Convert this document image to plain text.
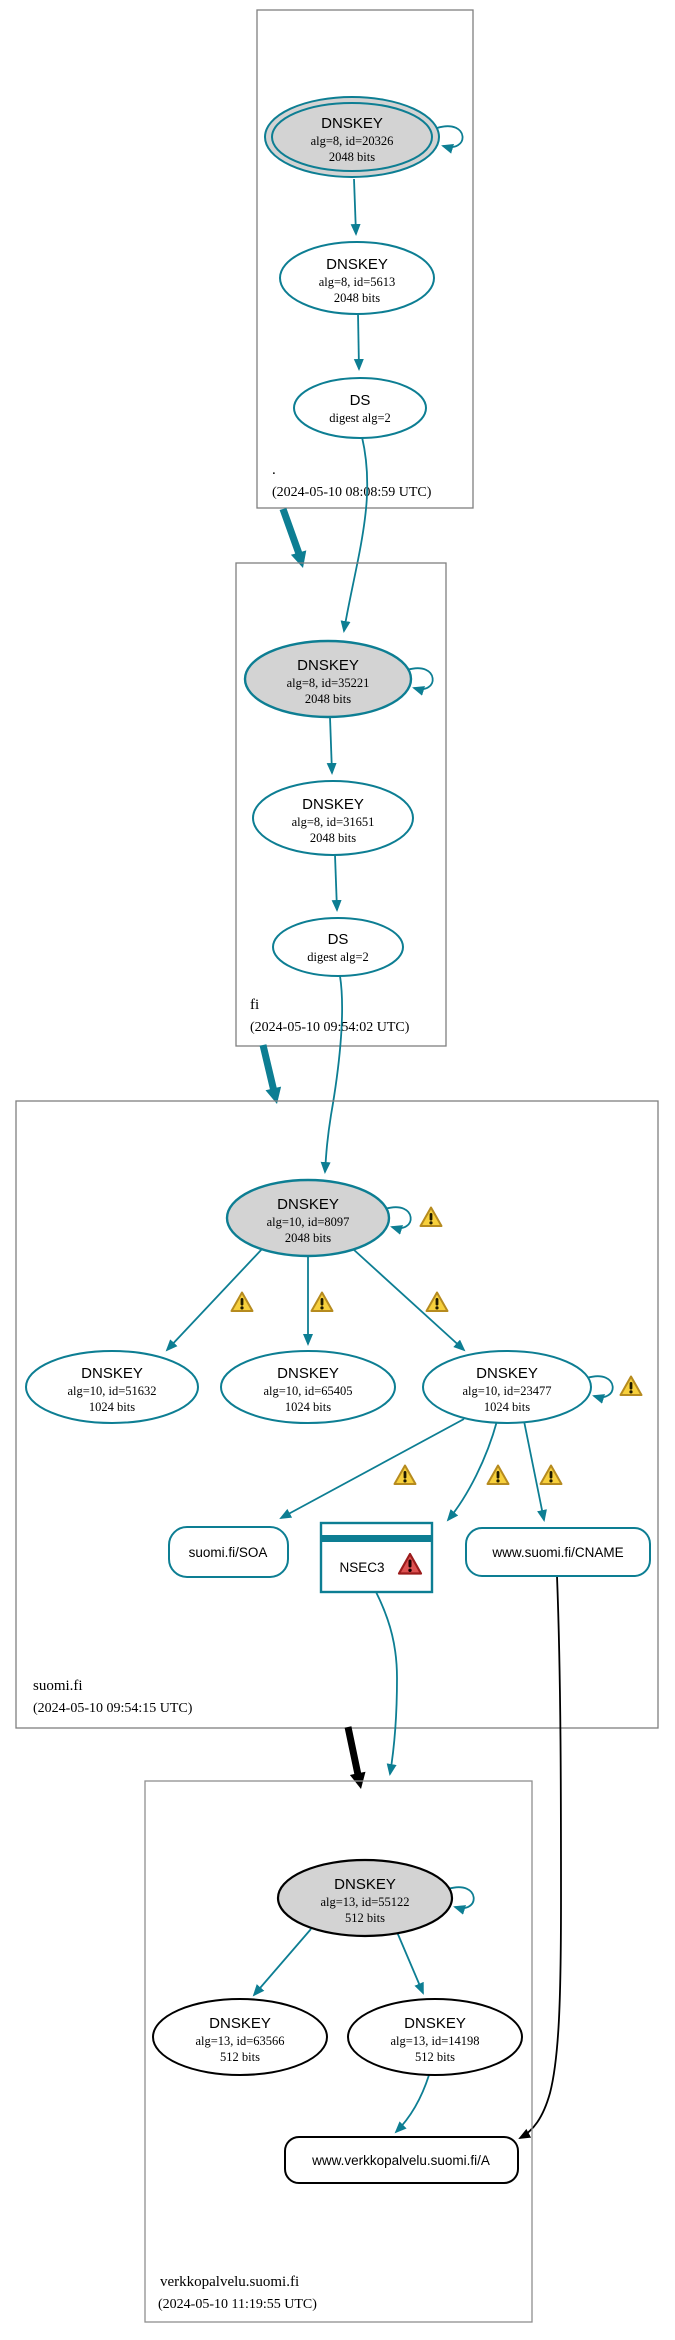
.
(2024-05-10 08:08:59 UTC)
DNSKEY
alg=8, id=20326
2048 bits
DNSKEY
alg=8, id=5613
2048 bits
DS
digest alg=2
fi
(2024-05-10 09:54:02 UTC)
DNSKEY
alg=8, id=35221
2048 bits
DNSKEY
alg=8, id=31651
2048 bits
DS
digest alg=2
suomi.fi
(2024-05-10 09:54:15 UTC)
DNSKEY
alg=10, id=8097
2048 bits
DNSKEY
alg=10, id=51632
1024 bits
DNSKEY
alg=10, id=65405
1024 bits
DNSKEY
alg=10, id=23477
1024 bits
suomi.fi/SOA
NSEC3
www.suomi.fi/CNAME
verkkopalvelu.suomi.fi
(2024-05-10 11:19:55 UTC)
DNSKEY
alg=13, id=55122
512 bits
DNSKEY
alg=13, id=63566
512 bits
DNSKEY
alg=13, id=14198
512 bits
www.verkkopalvelu.suomi.fi/A
